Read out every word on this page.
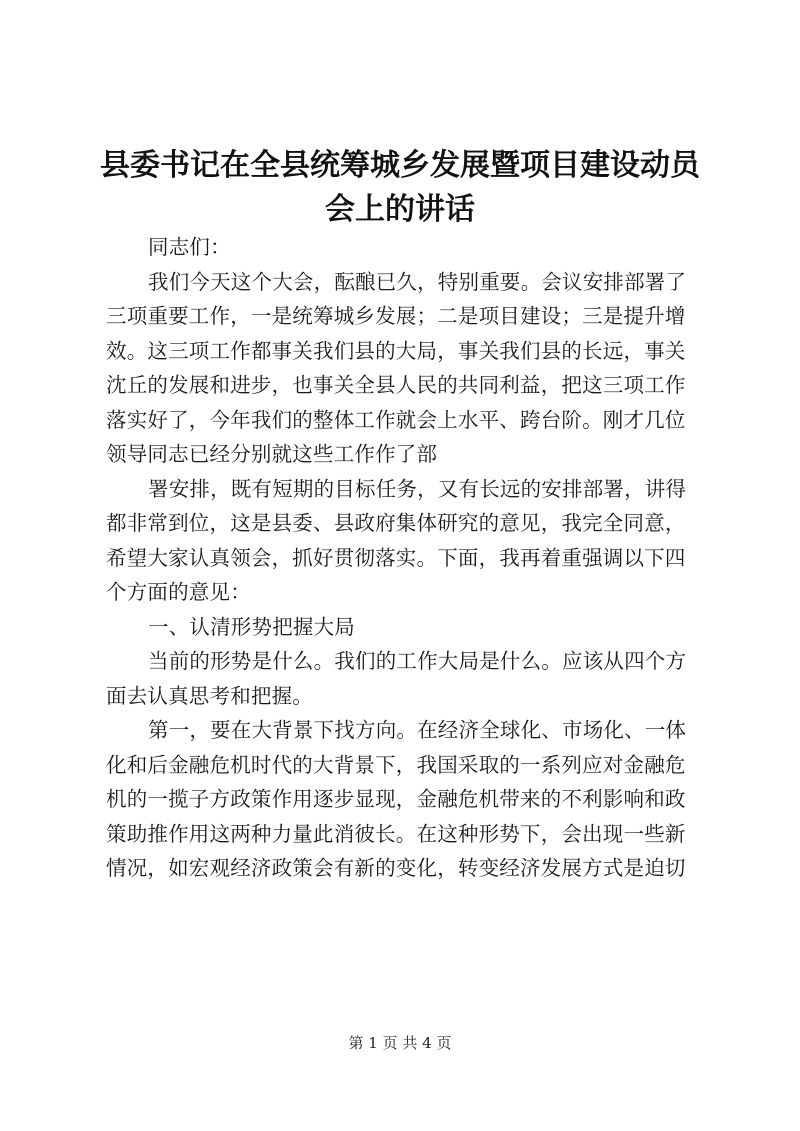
县委书记在全县统筹城乡发展暨项目建设动员
会上的讲话
同志们：
我们今天这个大会，酝酿已久，特别重要。会议安排部署了
三项重要工作，一是统筹城乡发展；二是项目建设；三是提升增
效。这三项工作都事关我们县的大局，事关我们县的长远，事关
沈丘的发展和进步，也事关全县人民的共同利益，把这三项工作
落实好了，今年我们的整体工作就会上水平、跨台阶。刚才几位
领导同志已经分别就这些工作作了部
署安排，既有短期的目标任务，又有长远的安排部署，讲得
都非常到位，这是县委、县政府集体研究的意见，我完全同意，
希望大家认真领会，抓好贯彻落实。下面，我再着重强调以下四
个方面的意见：
一、认清形势把握大局
当前的形势是什么。我们的工作大局是什么。应该从四个方
面去认真思考和把握。
第一，要在大背景下找方向。在经济全球化、市场化、一体
化和后金融危机时代的大背景下，我国采取的一系列应对金融危
机的一揽子方政策作用逐步显现，金融危机带来的不利影响和政
策助推作用这两种力量此消彼长。在这种形势下，会出现一些新
情况，如宏观经济政策会有新的变化，转变经济发展方式是迫切
第 1 页 共 4 页
